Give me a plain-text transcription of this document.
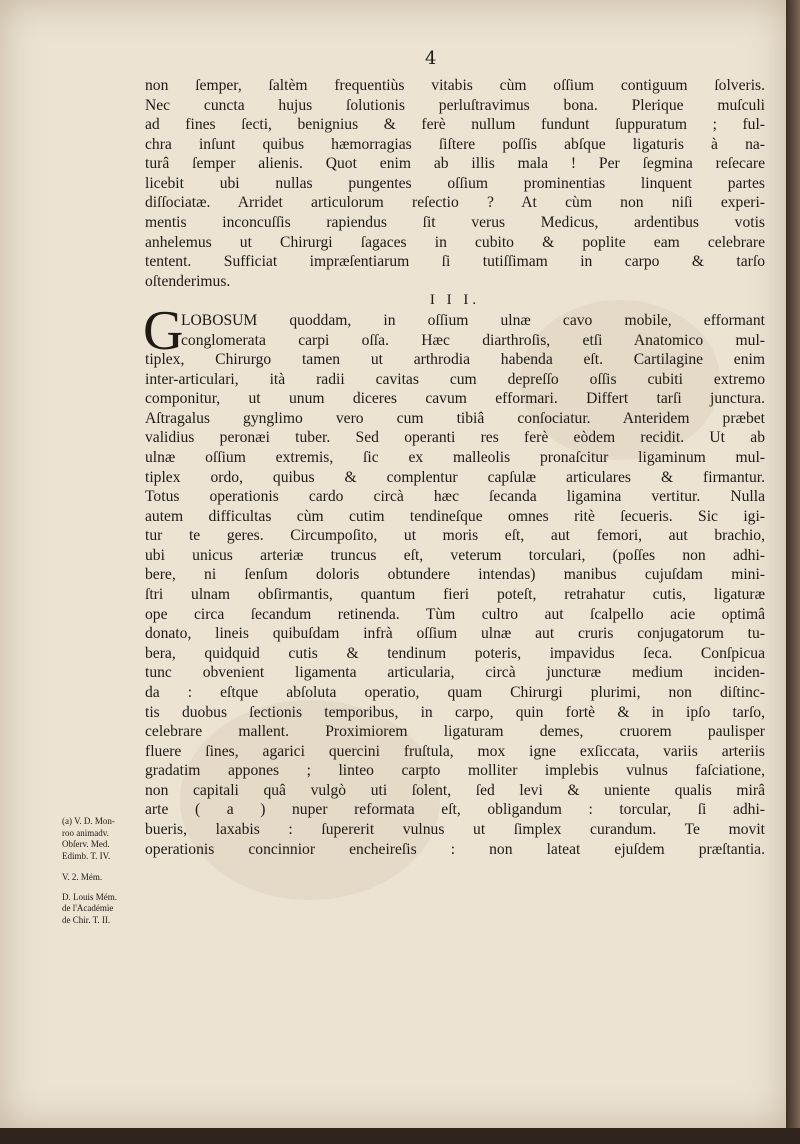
4
non ſemper, ſaltèm frequentiùs vitabis cùm oſſium contiguum ſolveris.
Nec cuncta hujus ſolutionis perluſtravimus bona. Plerique muſculi
ad fines ſecti, benignius & ferè nullum fundunt ſuppuratum ; ful-
chra inſunt quibus hæmorragias ſiſtere poſſis abſque ligaturis à na-
turâ ſemper alienis. Quot enim ab illis mala ! Per ſegmina reſecare
licebit ubi nullas pungentes oſſium prominentias linquent partes
diſſociatæ. Arridet articulorum reſectio ? At cùm non niſi experi-
mentis inconcuſſis rapiendus ſit verus Medicus, ardentibus votis
anhelemus ut Chirurgi ſagaces in cubito & poplite eam celebrare
tentent. Sufficiat impræſentiarum ſi tutiſſimam in carpo & tarſo
oſtenderimus.
I I I.
G
LOBOSUM quoddam, in oſſium ulnæ cavo mobile, efformant
conglomerata carpi oſſa. Hæc diarthroſis, etſi Anatomico mul-
tiplex, Chirurgo tamen ut arthrodia habenda eſt. Cartilagine enim
inter-articulari, ità radii cavitas cum depreſſo oſſis cubiti extremo
componitur, ut unum diceres cavum efformari. Differt tarſi junctura.
Aſtragalus gynglimo vero cum tibiâ conſociatur. Anteridem præbet
validius peronæi tuber. Sed operanti res ferè eòdem recidit. Ut ab
ulnæ oſſium extremis, ſic ex malleolis pronaſcitur ligaminum mul-
tiplex ordo, quibus & complentur capſulæ articulares & firmantur.
Totus operationis cardo circà hæc ſecanda ligamina vertitur. Nulla
autem difficultas cùm cutim tendineſque omnes ritè ſecueris. Sic igi-
tur te geres. Circumpoſito, ut moris eſt, aut femori, aut brachio,
ubi unicus arteriæ truncus eſt, veterum torculari, (poſſes non adhi-
bere, ni ſenſum doloris obtundere intendas) manibus cujuſdam mini-
ſtri ulnam obſirmantis, quantum fieri poteſt, retrahatur cutis, ligaturæ
ope circa ſecandum retinenda. Tùm cultro aut ſcalpello acie optimâ
donato, lineis quibuſdam infrà oſſium ulnæ aut cruris conjugatorum tu-
bera, quidquid cutis & tendinum poteris, impavidus ſeca. Conſpicua
tunc obvenient ligamenta articularia, circà juncturæ medium inciden-
da : eſtque abſoluta operatio, quam Chirurgi plurimi, non diſtinc-
tis duobus ſectionis temporibus, in carpo, quin fortè & in ipſo tarſo,
celebrare mallent. Proximiorem ligaturam demes, cruorem paulisper
fluere ſines, agarici quercini fruſtula, mox igne exſiccata, variis arteriis
gradatim appones ; linteo carpto molliter implebis vulnus faſciatione,
non capitali quâ vulgò uti ſolent, ſed levi & uniente qualis mirâ
arte ( a ) nuper reformata eſt, obligandum : torcular, ſi adhi-
bueris, laxabis : ſupererit vulnus ut ſimplex curandum. Te movit
operationis concinnior encheireſis : non lateat ejuſdem præſtantia.
(a) V. D. Mon-
roo animadv.
Obſerv. Med.
Edimb. T. IV.
V. 2. Mém.
D. Louis Mém.
de l'Académie
de Chir. T. II.
